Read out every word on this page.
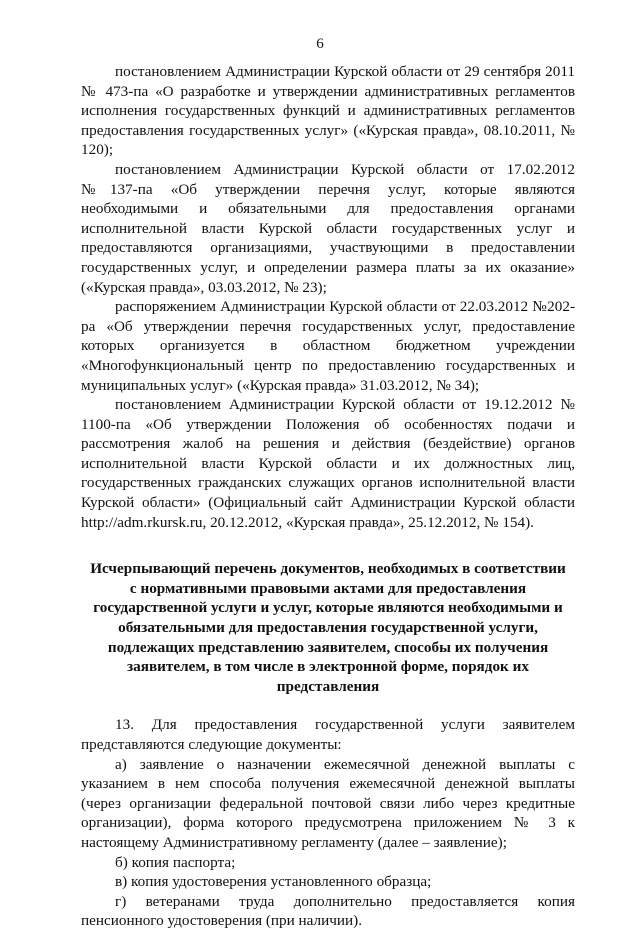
6

постановлением Администрации Курской области от 29 сентября 2011 № 473-па «О разработке и утверждении административных регламентов исполнения государственных функций и административных регламентов предоставления государственных услуг» («Курская правда», 08.10.2011, № 120);

постановлением Администрации Курской области от 17.02.2012 №137-па «Об утверждении перечня услуг, которые являются необходимыми и обязательными для предоставления органами исполнительной власти Курской области государственных услуг и предоставляются организациями, участвующими в предоставлении государственных услуг, и определении размера платы за их оказание» («Курская правда», 03.03.2012, № 23);

распоряжением Администрации Курской области от 22.03.2012 №202-ра «Об утверждении перечня государственных услуг, предоставление которых организуется в областном бюджетном учреждении «Многофункциональный центр по предоставлению государственных и муниципальных услуг» («Курская правда» 31.03.2012, № 34);

постановлением Администрации Курской области от 19.12.2012 № 1100-па «Об утверждении Положения об особенностях подачи и рассмотрения жалоб на решения и действия (бездействие) органов исполнительной власти Курской области и их должностных лиц, государственных гражданских служащих органов исполнительной власти Курской области» (Официальный сайт Администрации Курской области http://adm.rkursk.ru, 20.12.2012, «Курская правда», 25.12.2012, № 154).

Исчерпывающий перечень документов, необходимых в соответствии с нормативными правовыми актами для предоставления государственной услуги и услуг, которые являются необходимыми и обязательными для предоставления государственной услуги, подлежащих представлению заявителем, способы их получения заявителем, в том числе в электронной форме, порядок их представления

13. Для предоставления государственной услуги заявителем представляются следующие документы:

а) заявление о назначении ежемесячной денежной выплаты с указанием в нем способа получения ежемесячной денежной выплаты (через организации федеральной почтовой связи либо через кредитные организации), форма которого предусмотрена приложением № 3 к настоящему Административному регламенту (далее – заявление);

б) копия паспорта;

в) копия удостоверения установленного образца;

г) ветеранами труда дополнительно предоставляется копия пенсионного удостоверения (при наличии).
